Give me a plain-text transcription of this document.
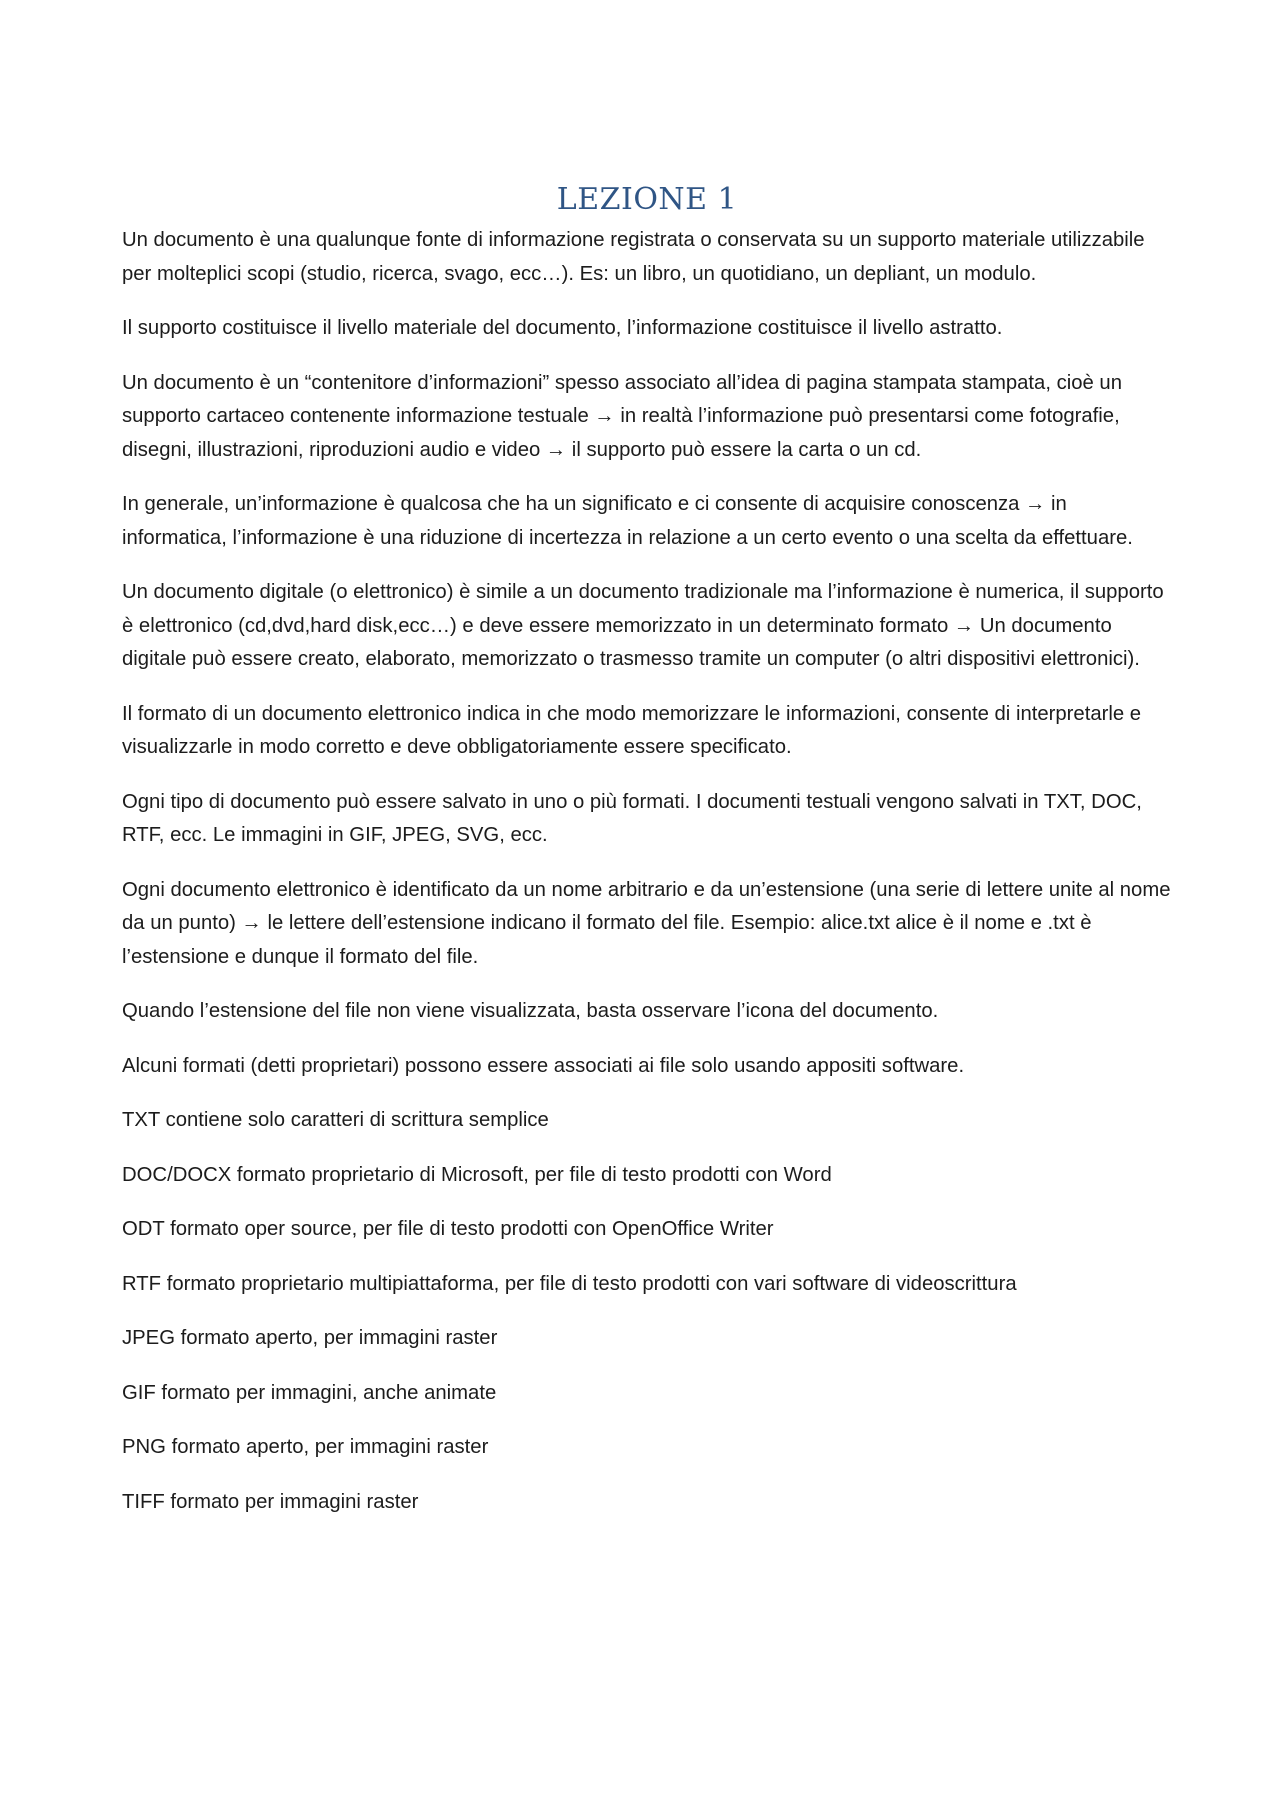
LEZIONE 1

Un documento è una qualunque fonte di informazione registrata o conservata su un supporto materiale utilizzabile per molteplici scopi (studio, ricerca, svago, ecc…). Es: un libro, un quotidiano, un depliant, un modulo.

Il supporto costituisce il livello materiale del documento, l’informazione costituisce il livello astratto.

Un documento è un “contenitore d’informazioni” spesso associato all’idea di pagina stampata stampata, cioè un supporto cartaceo contenente informazione testuale → in realtà l’informazione può presentarsi come fotografie, disegni, illustrazioni, riproduzioni audio e video → il supporto può essere la carta o un cd.

In generale, un’informazione è qualcosa che ha un significato e ci consente di acquisire conoscenza → in informatica, l’informazione è una riduzione di incertezza in relazione a un certo evento o una scelta da effettuare.

Un documento digitale (o elettronico) è simile a un documento tradizionale ma l’informazione è numerica, il supporto è elettronico (cd,dvd,hard disk,ecc…) e deve essere memorizzato in un determinato formato → Un documento digitale può essere creato, elaborato, memorizzato o trasmesso tramite un computer (o altri dispositivi elettronici).

Il formato di un documento elettronico indica in che modo memorizzare le informazioni, consente di interpretarle e visualizzarle in modo corretto e deve obbligatoriamente essere specificato.

Ogni tipo di documento può essere salvato in uno o più formati. I documenti testuali vengono salvati in TXT, DOC, RTF, ecc. Le immagini in GIF, JPEG, SVG, ecc.

Ogni documento elettronico è identificato da un nome arbitrario e da un’estensione (una serie di lettere unite al nome da un punto) → le lettere dell’estensione indicano il formato del file. Esempio: alice.txt alice è il nome e .txt è l’estensione e dunque il formato del file.

Quando l’estensione del file non viene visualizzata, basta osservare l’icona del documento.

Alcuni formati (detti proprietari) possono essere associati ai file solo usando appositi software.

TXT contiene solo caratteri di scrittura semplice

DOC/DOCX formato proprietario di Microsoft, per file di testo prodotti con Word

ODT formato oper source, per file di testo prodotti con OpenOffice Writer

RTF formato proprietario multipiattaforma, per file di testo prodotti con vari software di videoscrittura

JPEG formato aperto, per immagini raster

GIF formato per immagini, anche animate

PNG formato aperto, per immagini raster

TIFF formato per immagini raster
